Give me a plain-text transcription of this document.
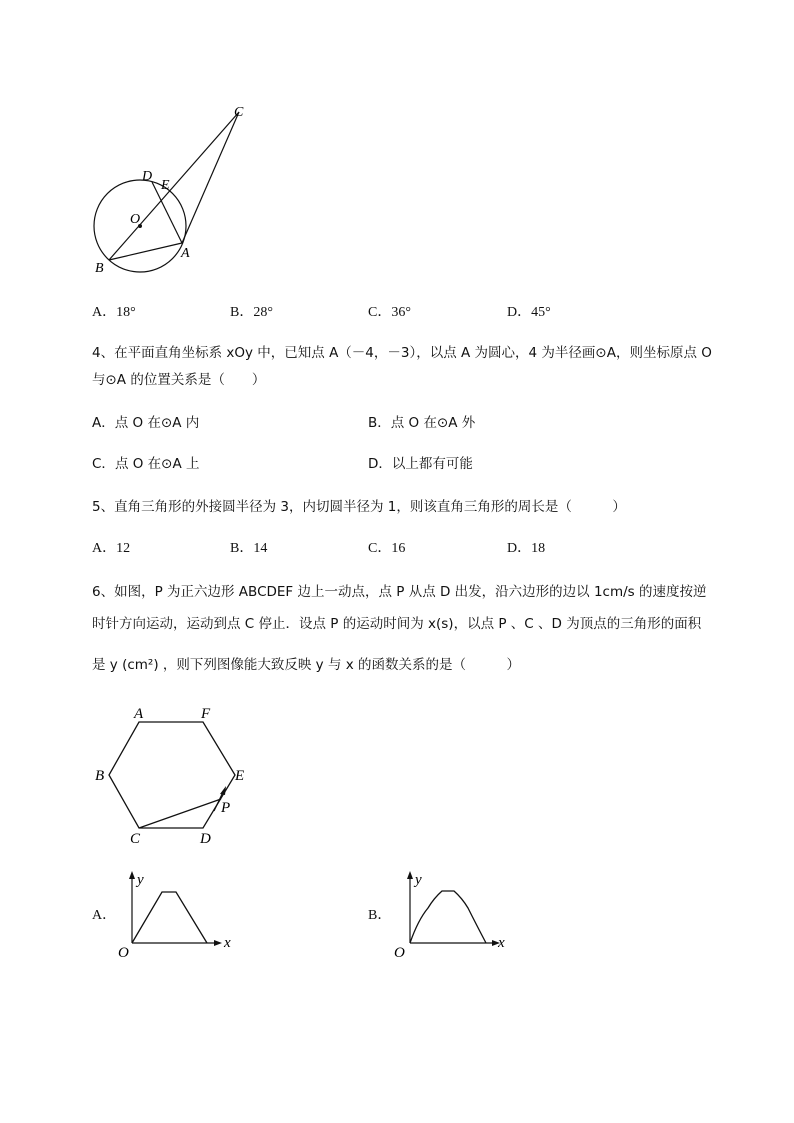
C
D
E
O
A
B
A．18°	B．28°	C．36°	D．45°
4、在平面直角坐标系 xOy 中，已知点 A（－4，－3），以点 A 为圆心，4 为半径画⊙A，则坐标原点 O
与⊙A 的位置关系是（　　）
A．点 O 在⊙A 内	B．点 O 在⊙A 外
C．点 O 在⊙A 上	D．以上都有可能
5、直角三角形的外接圆半径为 3，内切圆半径为 1，则该直角三角形的周长是（　　　）
A．12	B．14	C．16	D．18
6、如图，P 为正六边形 ABCDEF 边上一动点，点 P 从点 D 出发，沿六边形的边以 1cm/s 的速度按逆
时针方向运动，运动到点 C 停止．设点 P 的运动时间为 x(s)，以点 P 、C 、D 为顶点的三角形的面积
是 y (cm²) ，则下列图像能大致反映 y 与 x 的函数关系的是（　　　）
A	F
B	E
P
C	D
A．
y
x
O
B．
y
x
O
